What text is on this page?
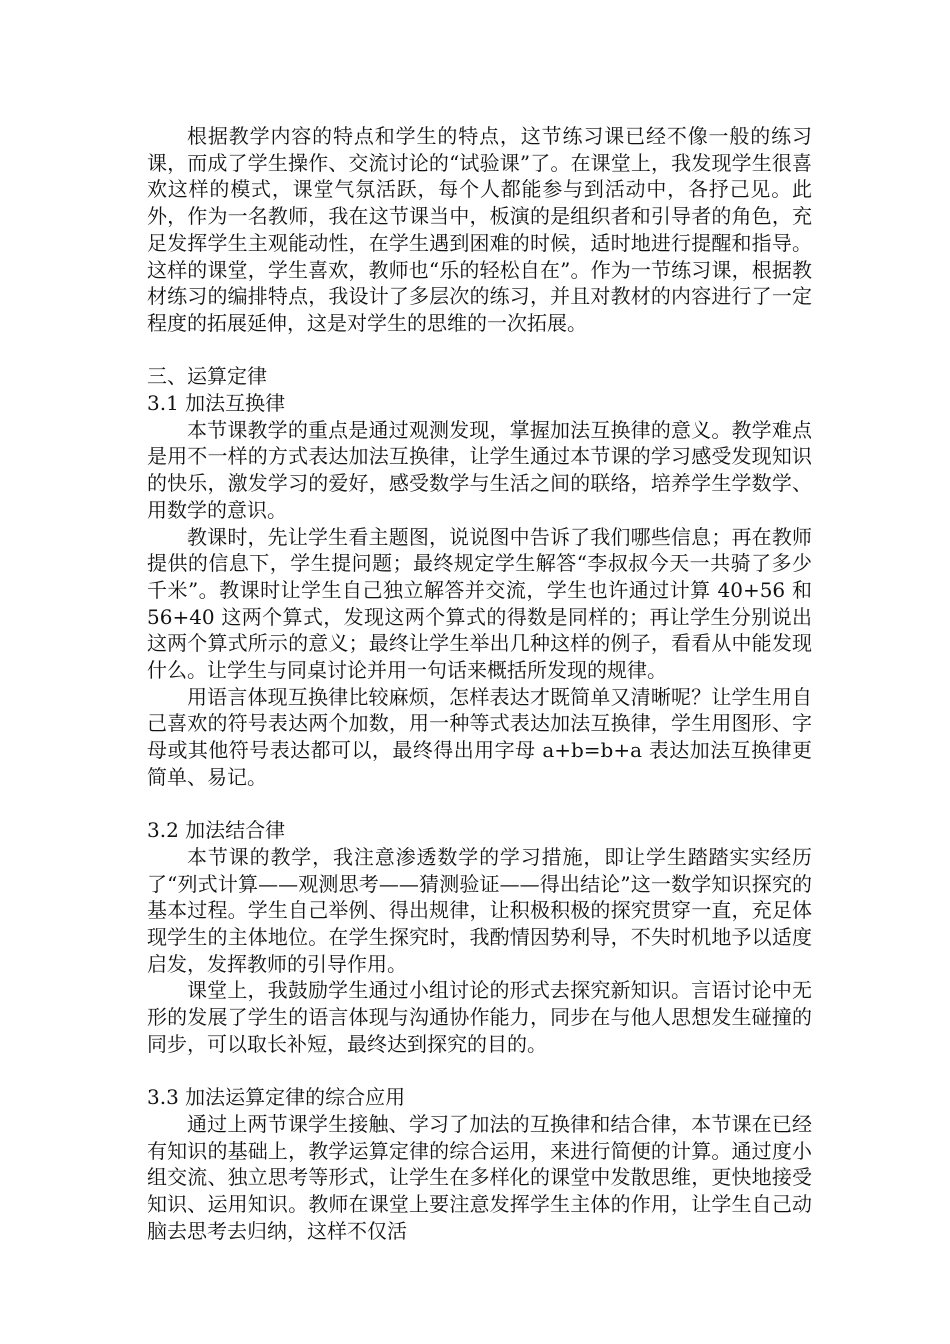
根据教学内容的特点和学生的特点，这节练习课已经不像一般的练习课，而成了学生操作、交流讨论的“试验课”了。在课堂上，我发现学生很喜欢这样的模式，课堂气氛活跃，每个人都能参与到活动中，各抒己见。此外，作为一名教师，我在这节课当中，板演的是组织者和引导者的角色，充足发挥学生主观能动性，在学生遇到困难的时候，适时地进行提醒和指导。这样的课堂，学生喜欢，教师也“乐的轻松自在”。作为一节练习课，根据教材练习的编排特点，我设计了多层次的练习，并且对教材的内容进行了一定程度的拓展延伸，这是对学生的思维的一次拓展。

三、运算定律

3.1 加法互换律

本节课教学的重点是通过观测发现，掌握加法互换律的意义。教学难点是用不一样的方式表达加法互换律，让学生通过本节课的学习感受发现知识的快乐，激发学习的爱好，感受数学与生活之间的联络，培养学生学数学、用数学的意识。

教课时，先让学生看主题图，说说图中告诉了我们哪些信息；再在教师提供的信息下，学生提问题；最终规定学生解答“李叔叔今天一共骑了多少千米”。教课时让学生自己独立解答并交流，学生也许通过计算 40+56 和 56+40 这两个算式，发现这两个算式的得数是同样的；再让学生分别说出这两个算式所示的意义；最终让学生举出几种这样的例子，看看从中能发现什么。让学生与同桌讨论并用一句话来概括所发现的规律。

用语言体现互换律比较麻烦，怎样表达才既简单又清晰呢？让学生用自己喜欢的符号表达两个加数，用一种等式表达加法互换律，学生用图形、字母或其他符号表达都可以，最终得出用字母 a+b=b+a 表达加法互换律更简单、易记。

3.2 加法结合律

本节课的教学，我注意渗透数学的学习措施，即让学生踏踏实实经历了“列式计算——观测思考——猜测验证——得出结论”这一数学知识探究的基本过程。学生自己举例、得出规律，让积极积极的探究贯穿一直，充足体现学生的主体地位。在学生探究时，我酌情因势利导，不失时机地予以适度启发，发挥教师的引导作用。

课堂上，我鼓励学生通过小组讨论的形式去探究新知识。言语讨论中无形的发展了学生的语言体现与沟通协作能力，同步在与他人思想发生碰撞的同步，可以取长补短，最终达到探究的目的。

3.3 加法运算定律的综合应用

通过上两节课学生接触、学习了加法的互换律和结合律，本节课在已经有知识的基础上，教学运算定律的综合运用，来进行简便的计算。通过度小组交流、独立思考等形式，让学生在多样化的课堂中发散思维，更快地接受知识、运用知识。教师在课堂上要注意发挥学生主体的作用，让学生自己动脑去思考去归纳，这样不仅活
